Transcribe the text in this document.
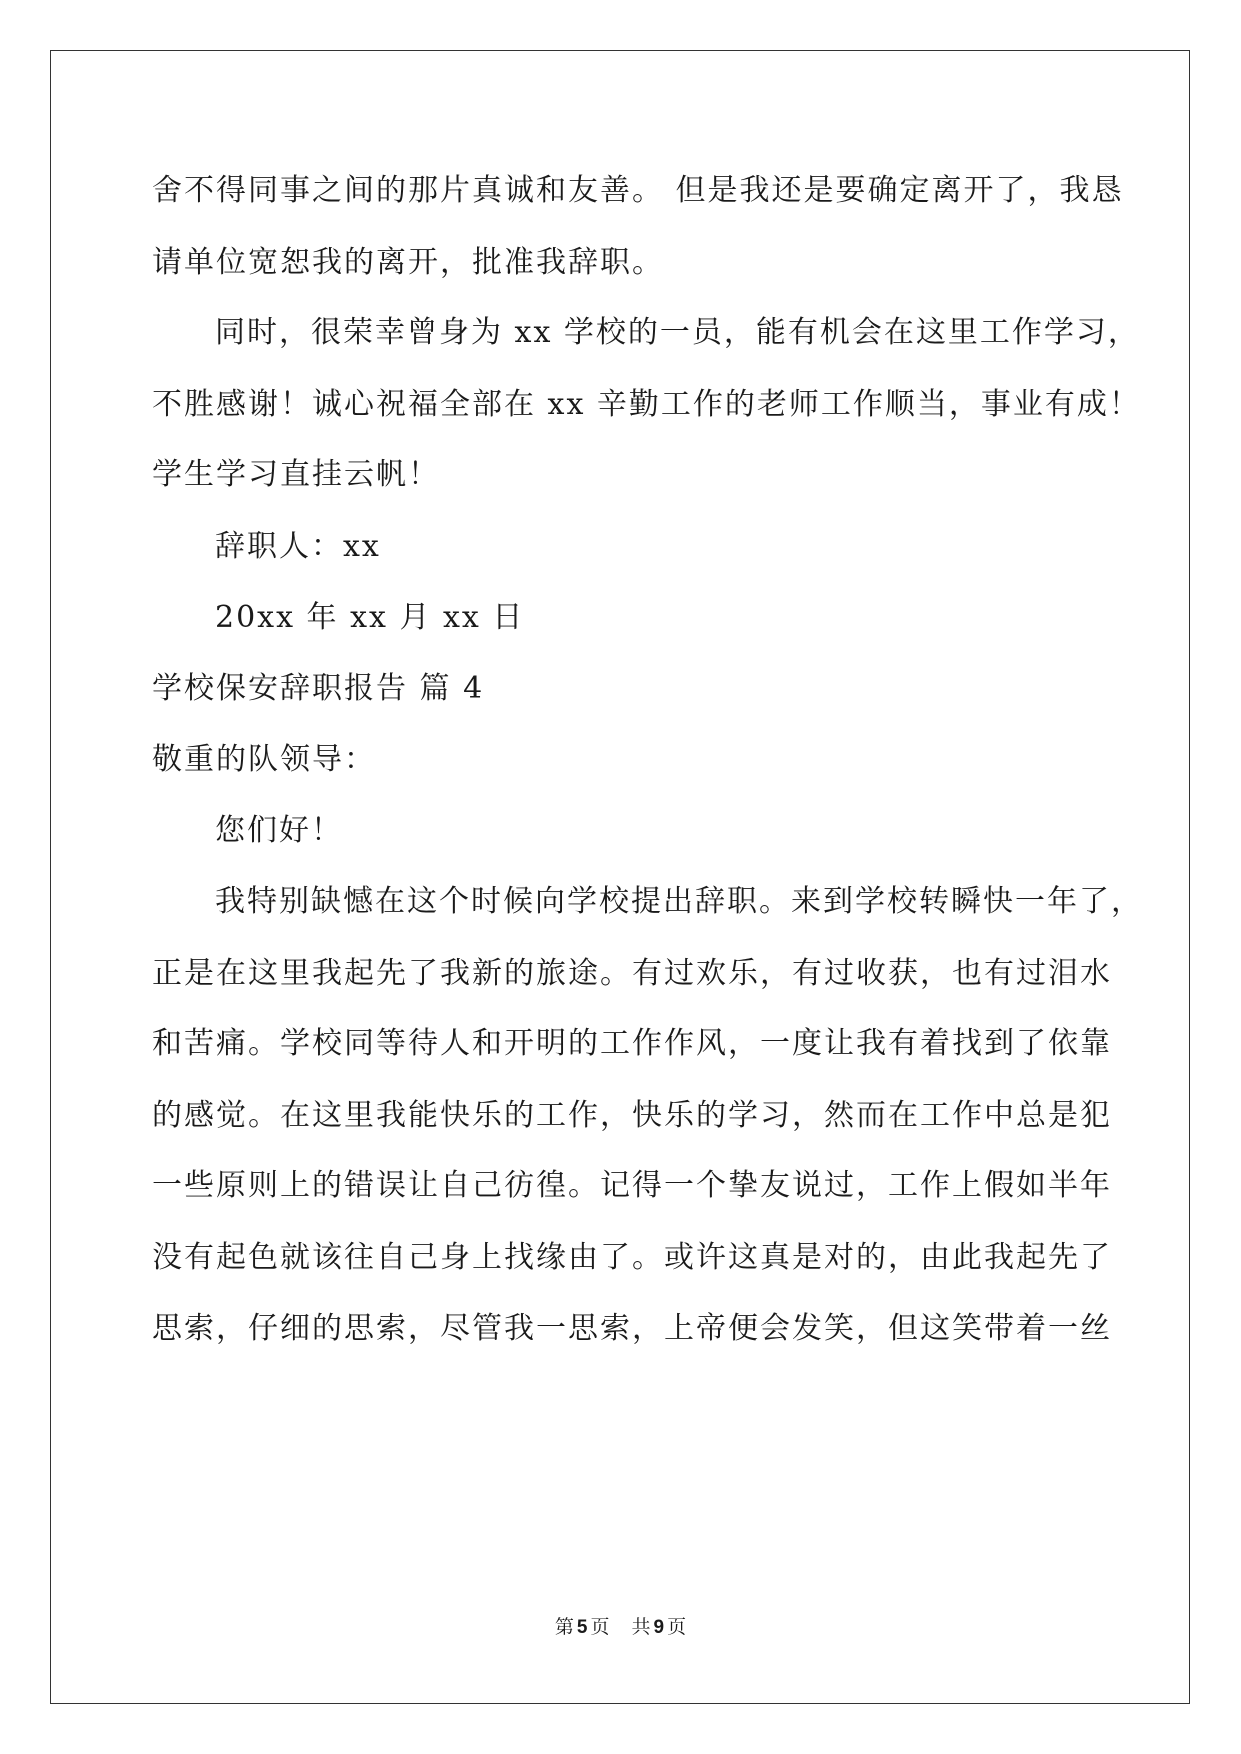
舍不得同事之间的那片真诚和友善。 但是我还是要确定离开了，我恳
请单位宽恕我的离开，批准我辞职。
同时，很荣幸曾身为 xx 学校的一员，能有机会在这里工作学习，
不胜感谢！诚心祝福全部在 xx 辛勤工作的老师工作顺当，事业有成！
学生学习直挂云帆！
辞职人：xx
20xx 年 xx 月 xx 日
学校保安辞职报告 篇 4
敬重的队领导：
您们好！
我特别缺憾在这个时候向学校提出辞职。来到学校转瞬快一年了，
正是在这里我起先了我新的旅途。有过欢乐，有过收获，也有过泪水
和苦痛。学校同等待人和开明的工作作风，一度让我有着找到了依靠
的感觉。在这里我能快乐的工作，快乐的学习，然而在工作中总是犯
一些原则上的错误让自己彷徨。记得一个挚友说过，工作上假如半年
没有起色就该往自己身上找缘由了。或许这真是对的，由此我起先了
思索，仔细的思索，尽管我一思索，上帝便会发笑，但这笑带着一丝
第 5 页 共 9 页
